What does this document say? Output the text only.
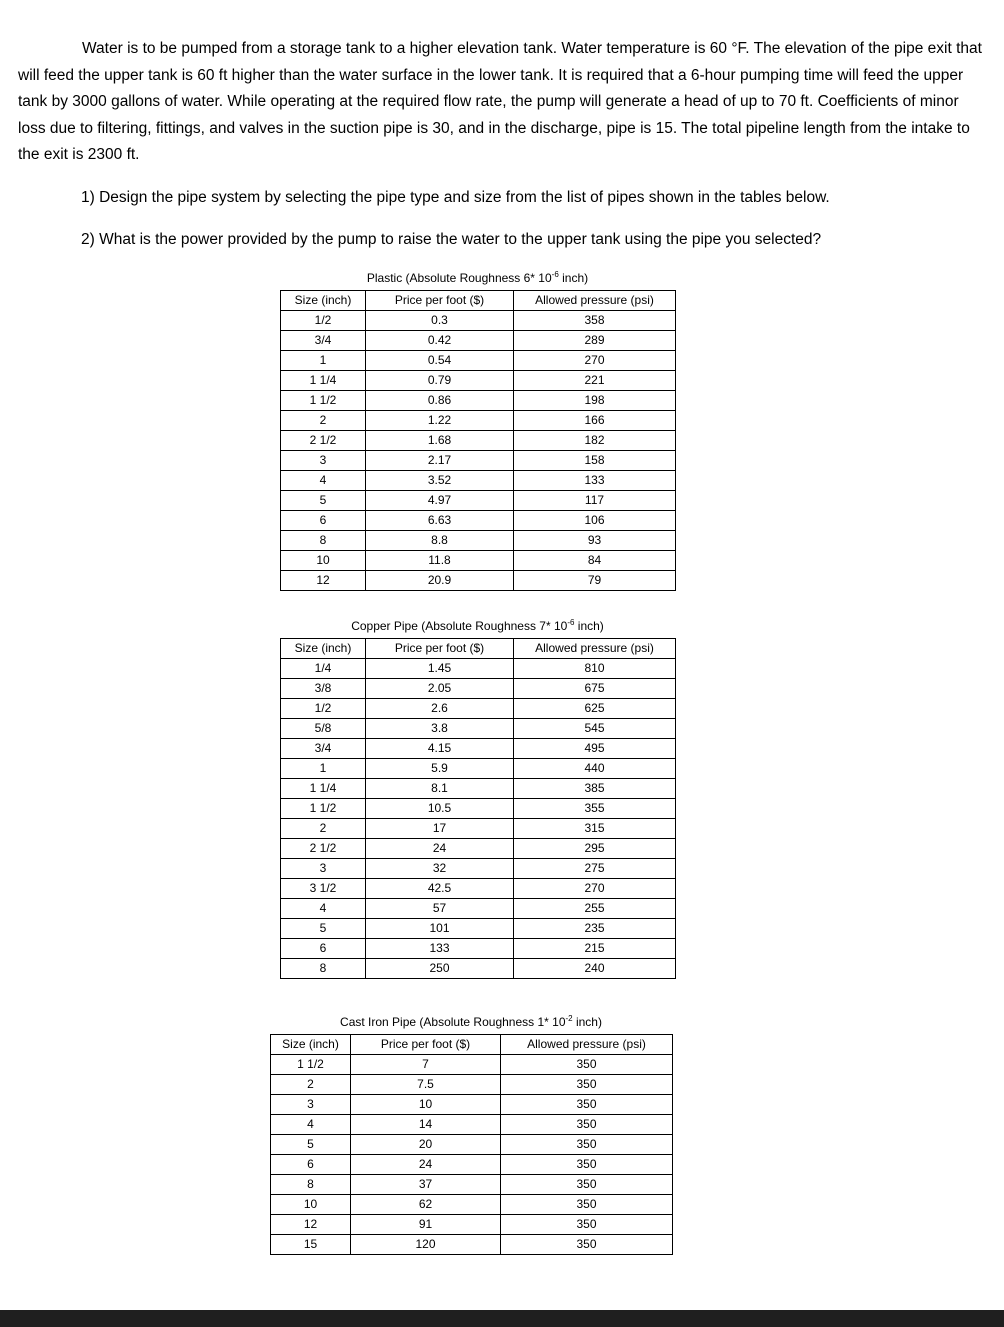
Water is to be pumped from a storage tank to a higher elevation tank. Water temperature is 60 °F. The elevation of the pipe exit that will feed the upper tank is 60 ft higher than the water surface in the lower tank. It is required that a 6-hour pumping time will feed the upper tank by 3000 gallons of water. While operating at the required flow rate, the pump will generate a head of up to 70 ft. Coefficients of minor loss due to filtering, fittings, and valves in the suction pipe is 30, and in the discharge, pipe is 15. The total pipeline length from the intake to the exit is 2300 ft.

1) Design the pipe system by selecting the pipe type and size from the list of pipes shown in the tables below.

2) What is the power provided by the pump to raise the water to the upper tank using the pipe you selected?

Plastic (Absolute Roughness 6* $10^{-6}$ inch)
Size (inch)	Price per foot ($)	Allowed pressure (psi)
1/2	0.3	358
3/4	0.42	289
1	0.54	270
1 1/4	0.79	221
1 1/2	0.86	198
2	1.22	166
2 1/2	1.68	182
3	2.17	158
4	3.52	133
5	4.97	117
6	6.63	106
8	8.8	93
10	11.8	84
12	20.9	79
Copper Pipe (Absolute Roughness 7* $10^{-6}$ inch)
Size (inch)	Price per foot ($)	Allowed pressure (psi)
1/4	1.45	810
3/8	2.05	675
1/2	2.6	625
5/8	3.8	545
3/4	4.15	495
1	5.9	440
1 1/4	8.1	385
1 1/2	10.5	355
2	17	315
2 1/2	24	295
3	32	275
3 1/2	42.5	270
4	57	255
5	101	235
6	133	215
8	250	240
Cast Iron Pipe (Absolute Roughness 1* $10^{-2}$ inch)
Size (inch)	Price per foot ($)	Allowed pressure (psi)
1 1/2	7	350
2	7.5	350
3	10	350
4	14	350
5	20	350
6	24	350
8	37	350
10	62	350
12	91	350
15	120	350
